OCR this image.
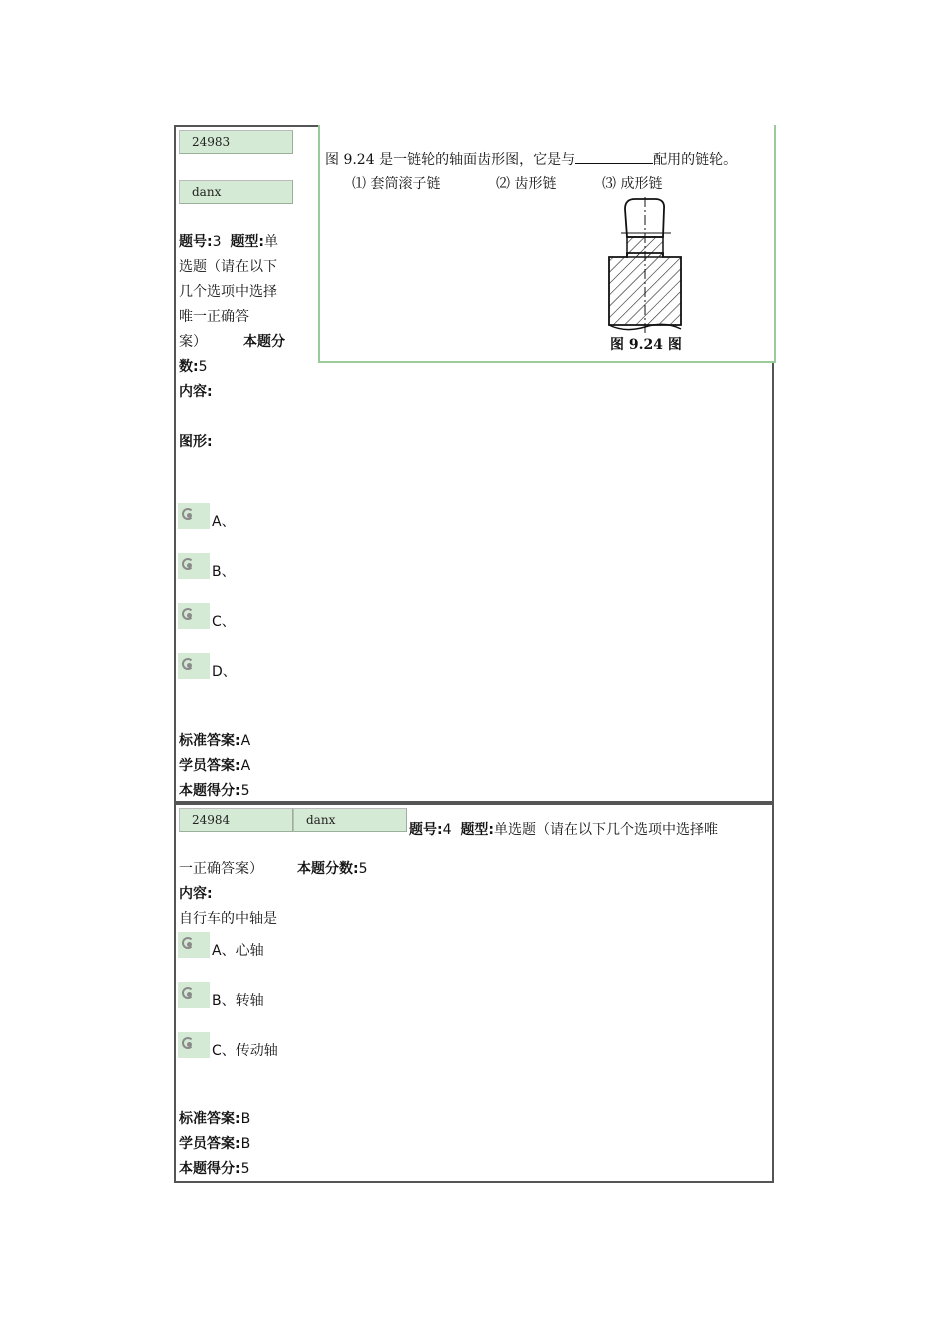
24983
danx
题号:3 题型:单
选题（请在以下
几个选项中选择
唯一正确答
案）	本题分
数:5
内容:

图形:
图 9.24 是一链轮的轴面齿形图，它是与	配用的链轮。
⑴ 套筒滚子链	⑵ 齿形链	⑶ 成形链
图 9.24 图
A、
B、
C、
D、
标准答案:A
学员答案:A
本题得分:5
24984	danx
题号:4 题型:单选题（请在以下几个选项中选择唯
一正确答案） 本题分数:5
内容:
自行车的中轴是
A、心轴
B、转轴
C、传动轴
标准答案:B
学员答案:B
本题得分:5
